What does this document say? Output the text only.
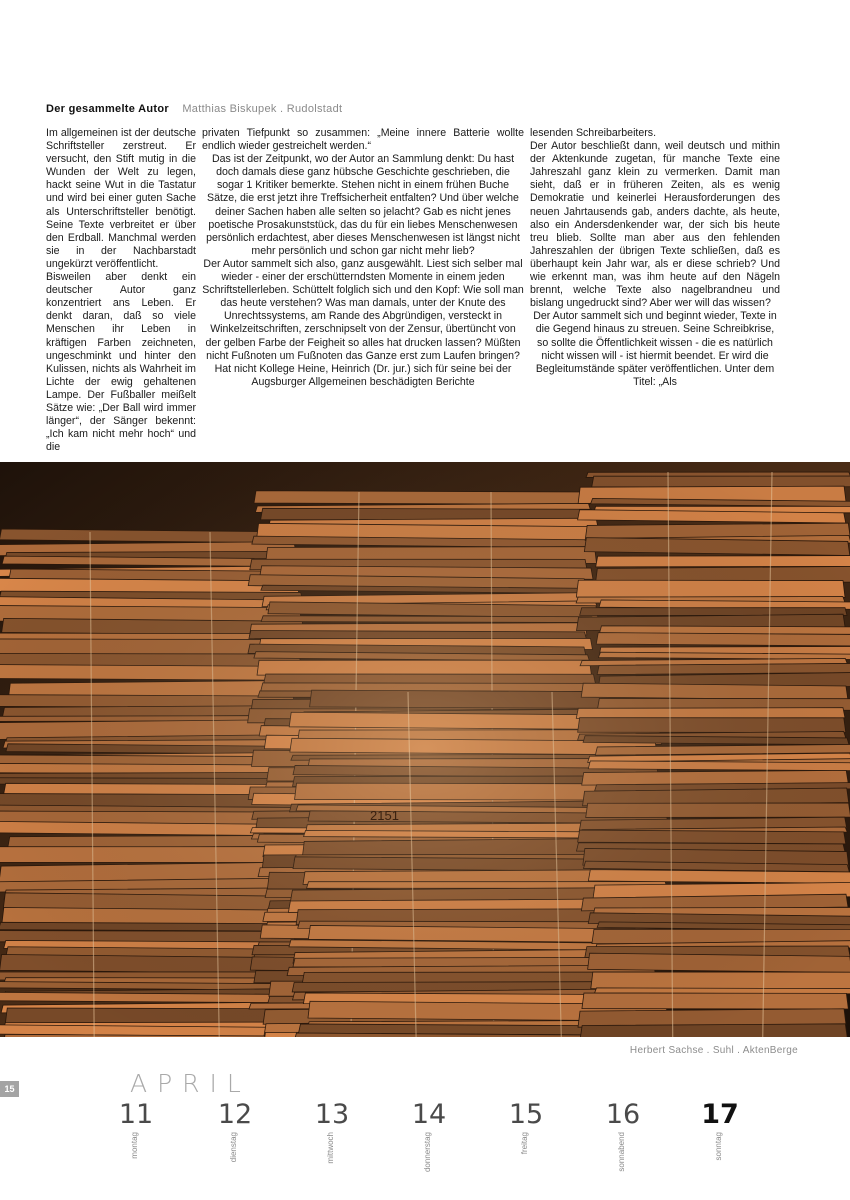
Der gesammelte Autor Matthias Biskupek . Rudolstadt

Im allgemeinen ist der deutsche Schriftsteller zerstreut. Er versucht, den Stift mutig in die Wunden der Welt zu legen, hackt seine Wut in die Tastatur und wird bei einer guten Sache als Unterschriftsteller benötigt. Seine Texte verbreitet er über den Erdball. Manchmal werden sie in der Nachbarstadt ungekürzt veröffentlicht.

Bisweilen aber denkt ein deutscher Autor ganz konzentriert ans Leben. Er denkt daran, daß so viele Menschen ihr Leben in kräftigen Farben zeichneten, ungeschminkt und hinter den Kulissen, nichts als Wahrheit im Lichte der ewig gehaltenen Lampe. Der Fußballer meißelt Sätze wie: „Der Ball wird immer länger“, der Sänger bekennt: „Ich kam nicht mehr hoch“ und die

privaten Tiefpunkt so zusammen: „Meine innere Batterie wollte endlich wieder gestreichelt werden.“

Das ist der Zeitpunkt, wo der Autor an Sammlung denkt: Du hast doch damals diese ganz hübsche Geschichte geschrieben, die sogar 1 Kritiker bemerkte. Stehen nicht in einem frühen Buche Sätze, die erst jetzt ihre Treffsicherheit entfalten? Und über welche deiner Sachen haben alle selten so jelacht? Gab es nicht jenes poetische Prosakunststück, das du für ein liebes Menschenwesen persönlich erdachtest, aber dieses Menschenwesen ist längst nicht mehr persönlich und schon gar nicht mehr lieb?

Der Autor sammelt sich also, ganz ausgewählt. Liest sich selber mal wieder - einer der erschütterndsten Momente in einem jeden Schriftstellerleben. Schüttelt folglich sich und den Kopf: Wie soll man das heute verstehen? Was man damals, unter der Knute des Unrechtssystems, am Rande des Abgründigen, versteckt in Winkelzeitschriften, zerschnipselt von der Zensur, übertüncht von der gelben Farbe der Feigheit so alles hat drucken lassen? Müßten nicht Fußnoten um Fußnoten das Ganze erst zum Laufen bringen? Hat nicht Kollege Heine, Heinrich (Dr. jur.) sich für seine bei der Augsburger Allgemeinen beschädigten Berichte

lesenden Schreibarbeiters.

Der Autor beschließt dann, weil deutsch und mithin der Aktenkunde zugetan, für manche Texte eine Jahreszahl ganz klein zu vermerken. Damit man sieht, daß er in früheren Zeiten, als es wenig Demokratie und keinerlei Herausforderungen des neuen Jahrtausends gab, anders dachte, als heute, also ein Andersdenkender war, der sich bis heute treu blieb. Sollte man aber aus den fehlenden Jahreszahlen der übrigen Texte schließen, daß es überhaupt kein Jahr war, als er diese schrieb? Und wie erkennt man, was ihm heute auf den Nägeln brennt, welche Texte also nagelbrandneu und bislang ungedruckt sind? Aber wer will das wissen?

Der Autor sammelt sich und beginnt wieder, Texte in die Gegend hinaus zu streuen. Seine Schreibkrise, so sollte die Öffentlichkeit wissen - die es natürlich nicht wissen will - ist hiermit beendet. Er wird die Begleitumstände später veröffentlichen. Unter dem Titel: „Als

2151
Herbert Sachse . Suhl . AktenBerge
15	APRIL
11
montag
12
dienstag
13
mittwoch
14
donnerstag
15
freitag
16
sonnabend
17
sonntag
